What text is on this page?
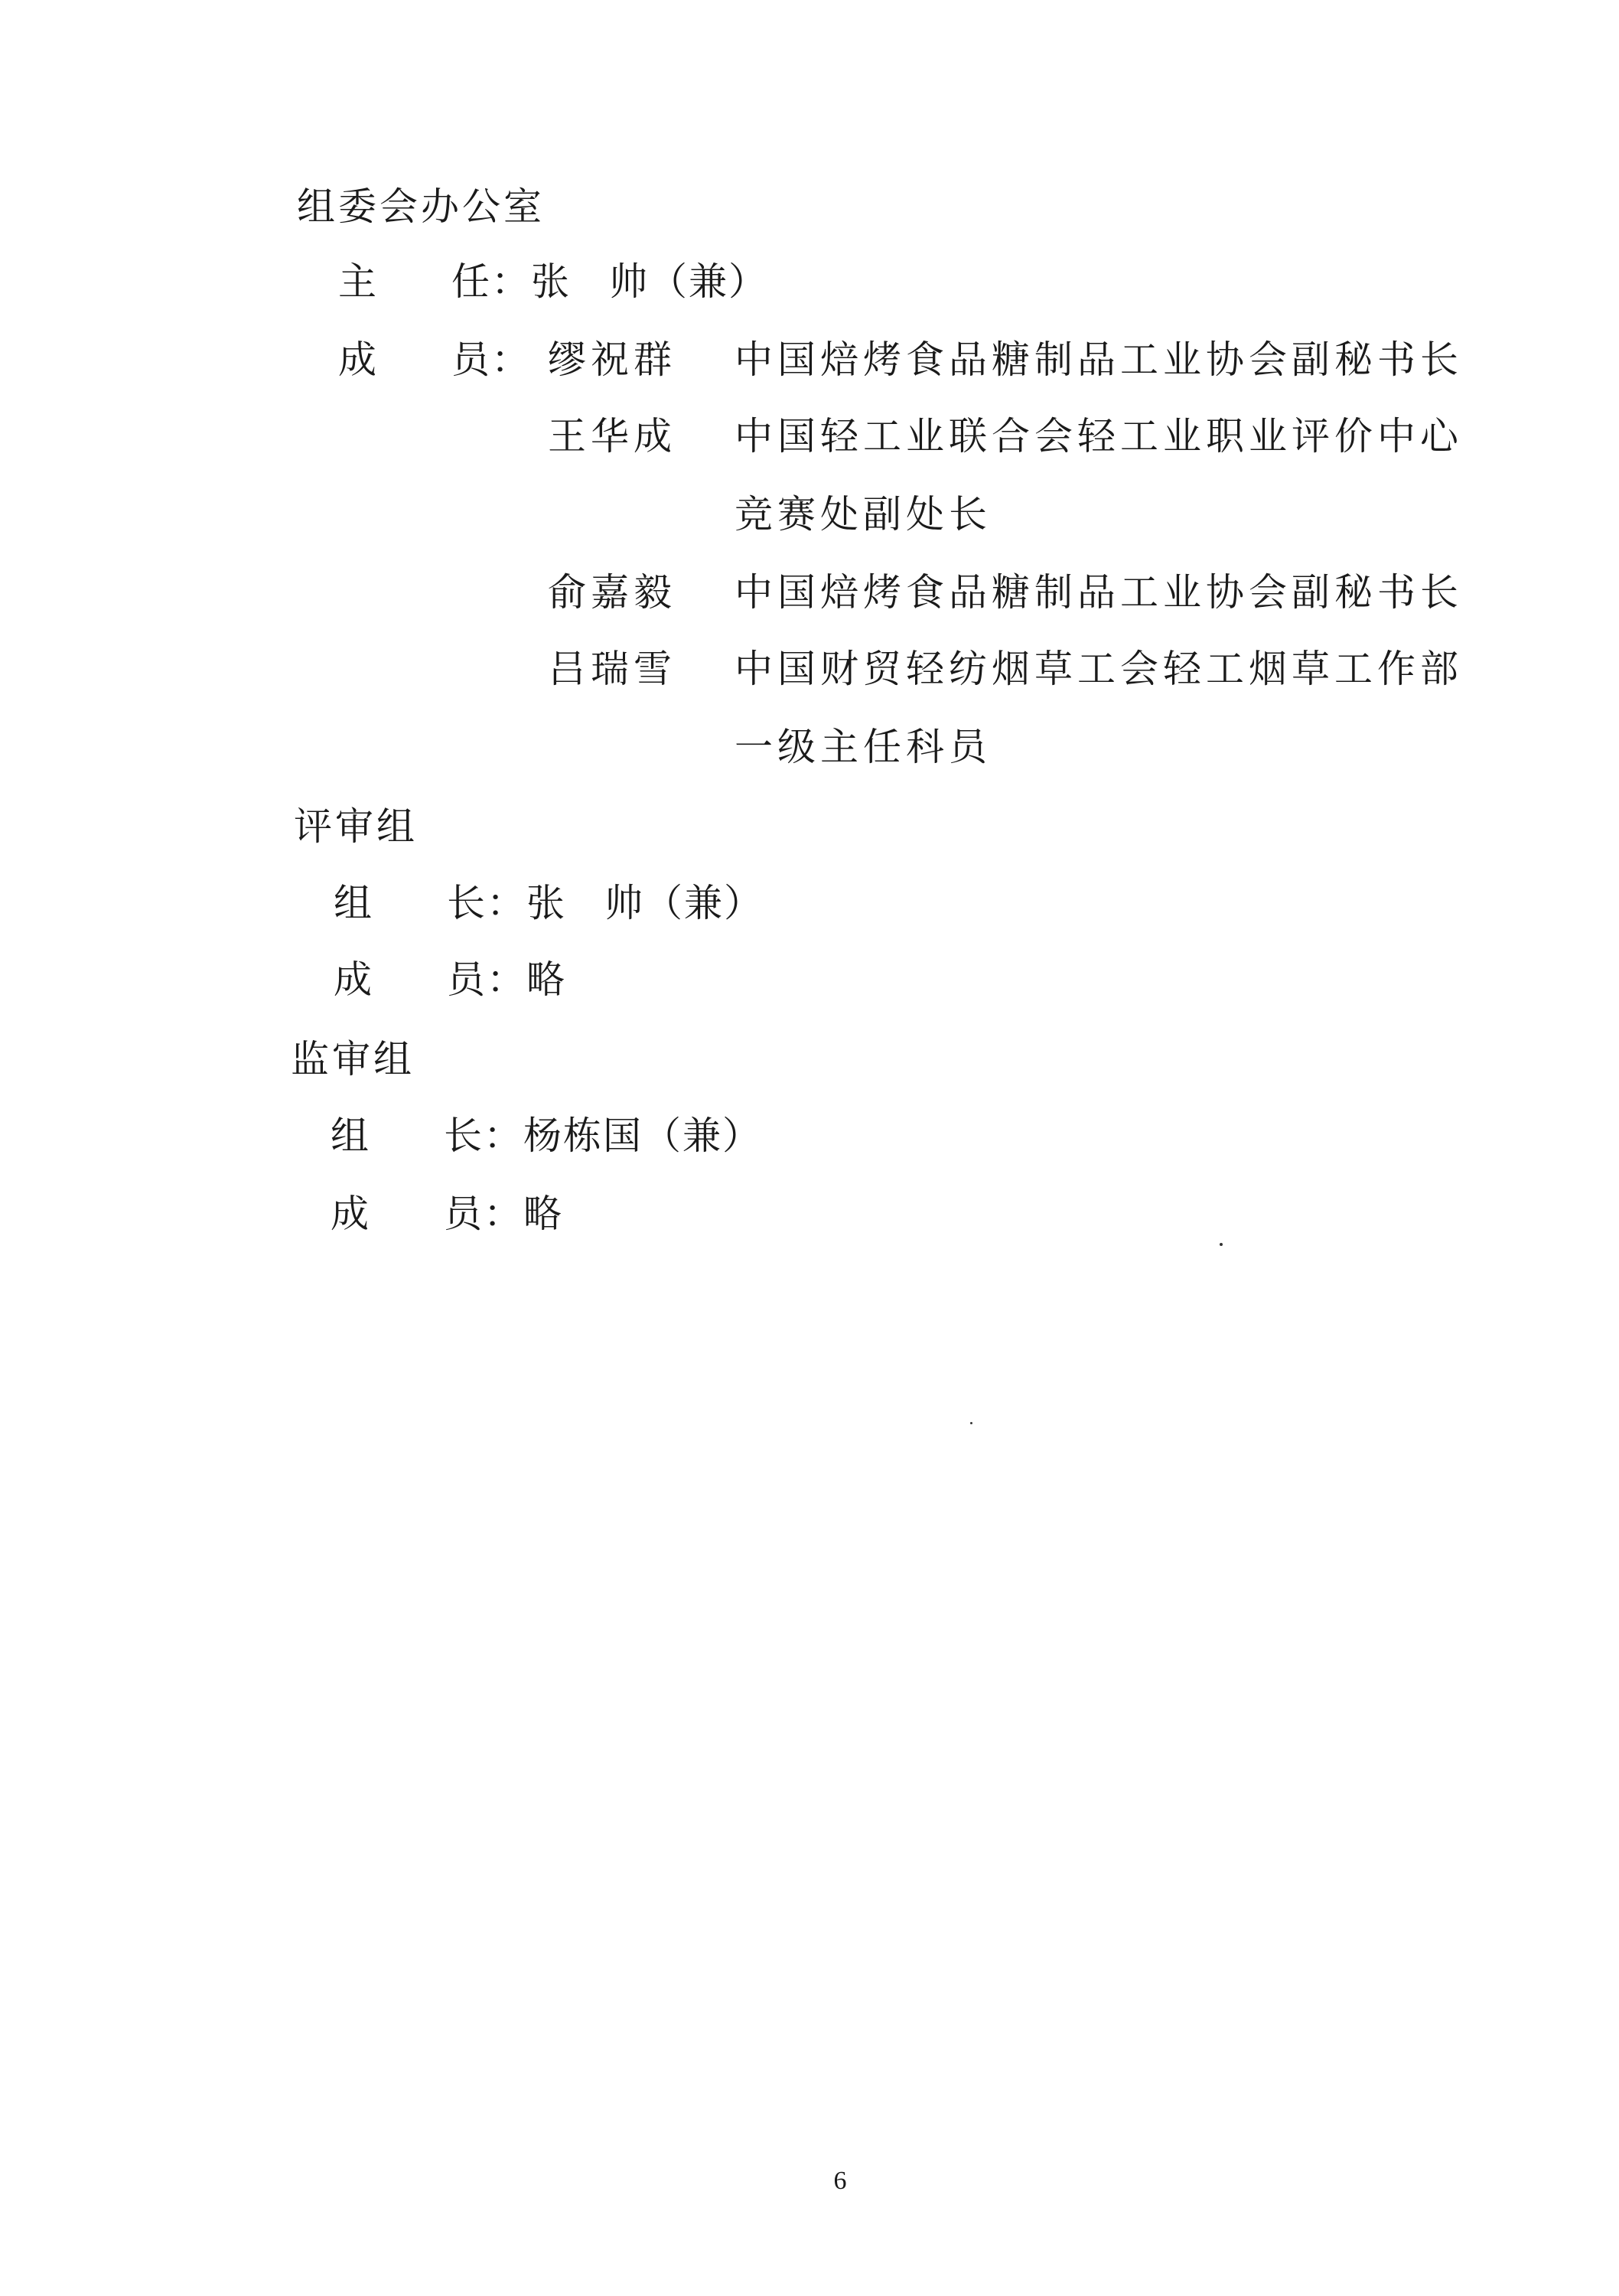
组委会办公室
主 任：张 帅（兼）
成 员： 缪祝群 中国焙烤食品糖制品工业协会副秘书长
王华成 中国轻工业联合会轻工业职业评价中心
竞赛处副处长
俞嘉毅 中国焙烤食品糖制品工业协会副秘书长
吕瑞雪 中国财贸轻纺烟草工会轻工烟草工作部
一级主任科员
评审组
组 长：张 帅（兼）
成 员：略
监审组
组 长：杨栋国（兼）
成 员：略
6
